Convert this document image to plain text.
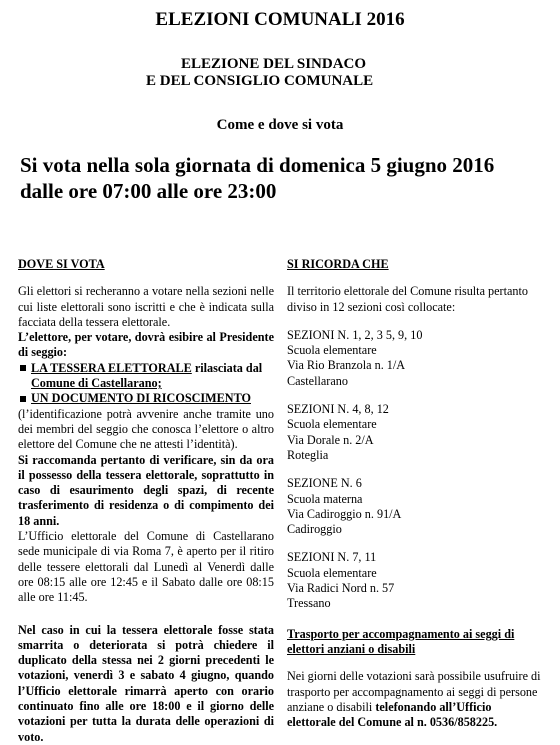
ELEZIONI COMUNALI 2016
ELEZIONE DEL SINDACO
E DEL CONSIGLIO COMUNALE
Come e dove si vota
Si vota nella sola giornata di domenica 5 giugno 2016
dalle ore 07:00 alle ore 23:00
DOVE SI VOTA

Gli elettori si recheranno a votare nella sezioni nelle cui liste elettorali sono iscritti e che è indicata sulla facciata della tessera elettorale.

L’elettore, per votare, dovrà esibire al Presidente di seggio:

LA TESSERA ELETTORALE rilasciata dal
Comune di Castellarano;
UN DOCUMENTO DI RICOSCIMENTO

(l’identificazione potrà avvenire anche tramite uno dei membri del seggio che conosca l’elettore o altro elettore del Comune che ne attesti l’identità).

Si raccomanda pertanto di verificare, sin da ora il possesso della tessera elettorale, soprattutto in caso di esaurimento degli spazi, di recente trasferimento di residenza o di compimento dei 18 anni.

L’Ufficio elettorale del Comune di Castellarano sede municipale di via Roma 7, è aperto per il ritiro delle tessere elettorali dal Lunedì al Venerdì dalle ore 08:15 alle ore 12:45 e il Sabato dalle ore 08:15 alle ore 11:45.

Nel caso in cui la tessera elettorale fosse stata smarrita o deteriorata si potrà chiedere il duplicato della stessa nei 2 giorni precedenti le votazioni, venerdì 3 e sabato 4 giugno, quando l’Ufficio elettorale rimarrà aperto con orario continuato fino alle ore 18:00 e il giorno delle votazioni per tutta la durata delle operazioni di voto.

SI RICORDA CHE

Il territorio elettorale del Comune risulta pertanto diviso in 12 sezioni così collocate:

SEZIONI N. 1, 2, 3 5, 9, 10
Scuola elementare
Via Rio Branzola n. 1/A
Castellarano
SEZIONI N. 4, 8, 12
Scuola elementare
Via Dorale n. 2/A
Roteglia
SEZIONE N. 6
Scuola materna
Via Cadiroggio n. 91/A
Cadiroggio
SEZIONI N. 7, 11
Scuola elementare
Via Radici Nord n. 57
Tressano

Trasporto per accompagnamento ai seggi di elettori anziani o disabili

Nei giorni delle votazioni sarà possibile usufruire di trasporto per accompagnamento ai seggi di persone anziane o disabili telefonando all’Ufficio elettorale del Comune al n. 0536/858225.
